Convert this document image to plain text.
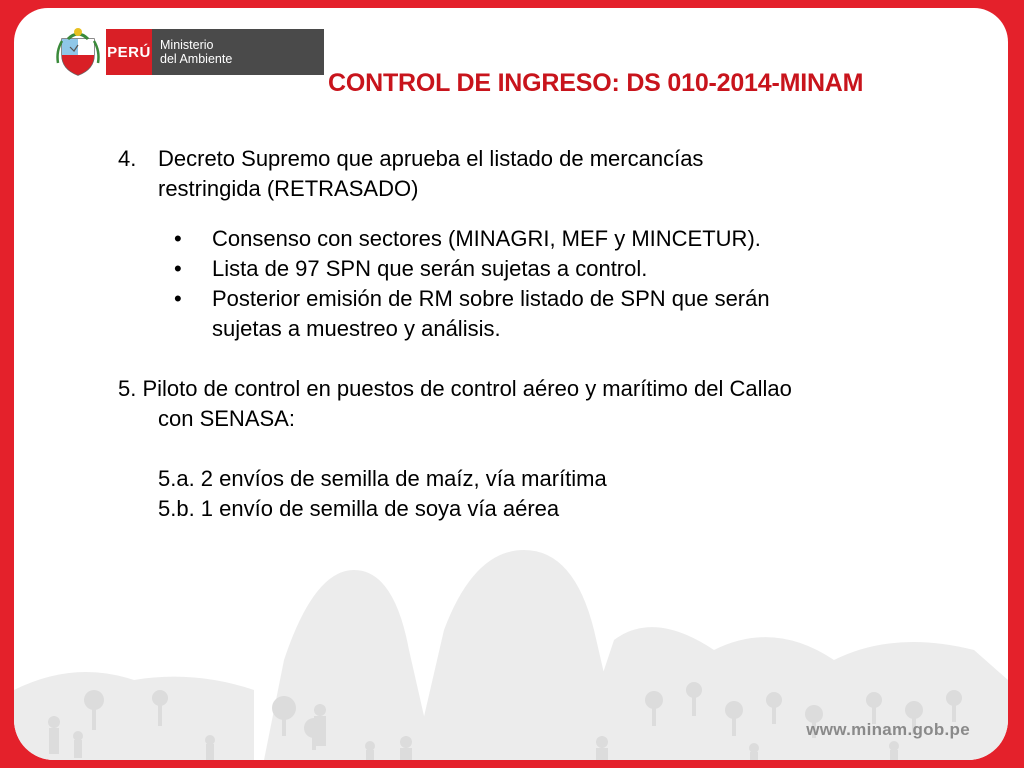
PERÚ Ministerio
del Ambiente
CONTROL DE INGRESO: DS 010-2014-MINAM
4. Decreto Supremo que aprueba el listado de mercancías
restringida (RETRASADO)
•	Consenso con sectores (MINAGRI, MEF y MINCETUR).
•	Lista de 97 SPN que serán sujetas a control.
•	Posterior emisión de RM sobre listado de SPN que serán
sujetas a muestreo y análisis.
5. Piloto de control en puestos de control aéreo y marítimo del Callao
con SENASA:
5.a. 2 envíos de semilla de maíz, vía marítima
5.b. 1 envío de semilla de soya vía aérea
www.minam.gob.pe
